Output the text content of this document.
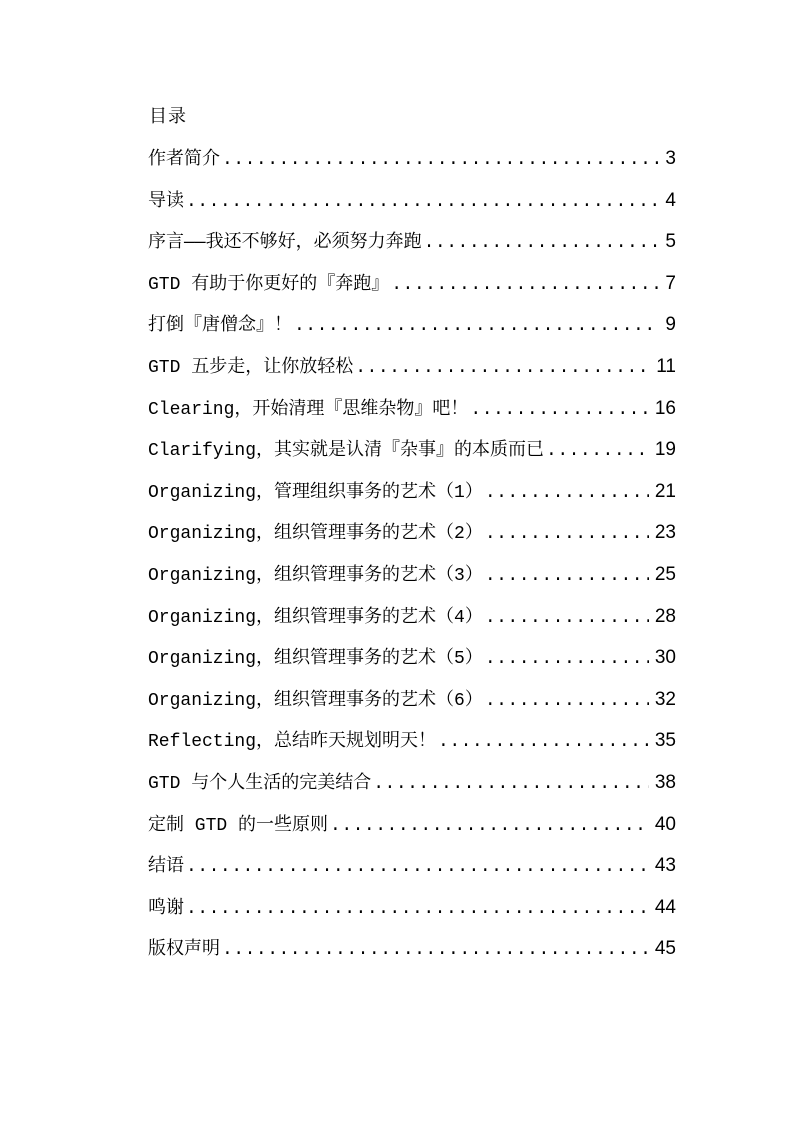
目录
作者简介 .....	3
导读 .....	4
序言——我还不够好，必须努力奔跑 .....	5
GTD 有助于你更好的『奔跑』 .....	7
打倒『唐僧念』！ .....	9
GTD 五步走，让你放轻松 .....	11
Clearing，开始清理『思维杂物』吧！ .....	16
Clarifying，其实就是认清『杂事』的本质而已 .....	19
Organizing，管理组织事务的艺术（1） .....	21
Organizing，组织管理事务的艺术（2） .....	23
Organizing，组织管理事务的艺术（3） .....	25
Organizing，组织管理事务的艺术（4） .....	28
Organizing，组织管理事务的艺术（5） .....	30
Organizing，组织管理事务的艺术（6） .....	32
Reflecting，总结昨天规划明天！ .....	35
GTD 与个人生活的完美结合 .....	38
定制 GTD 的一些原则 .....	40
结语 .....	43
鸣谢 .....	44
版权声明 .....	45
